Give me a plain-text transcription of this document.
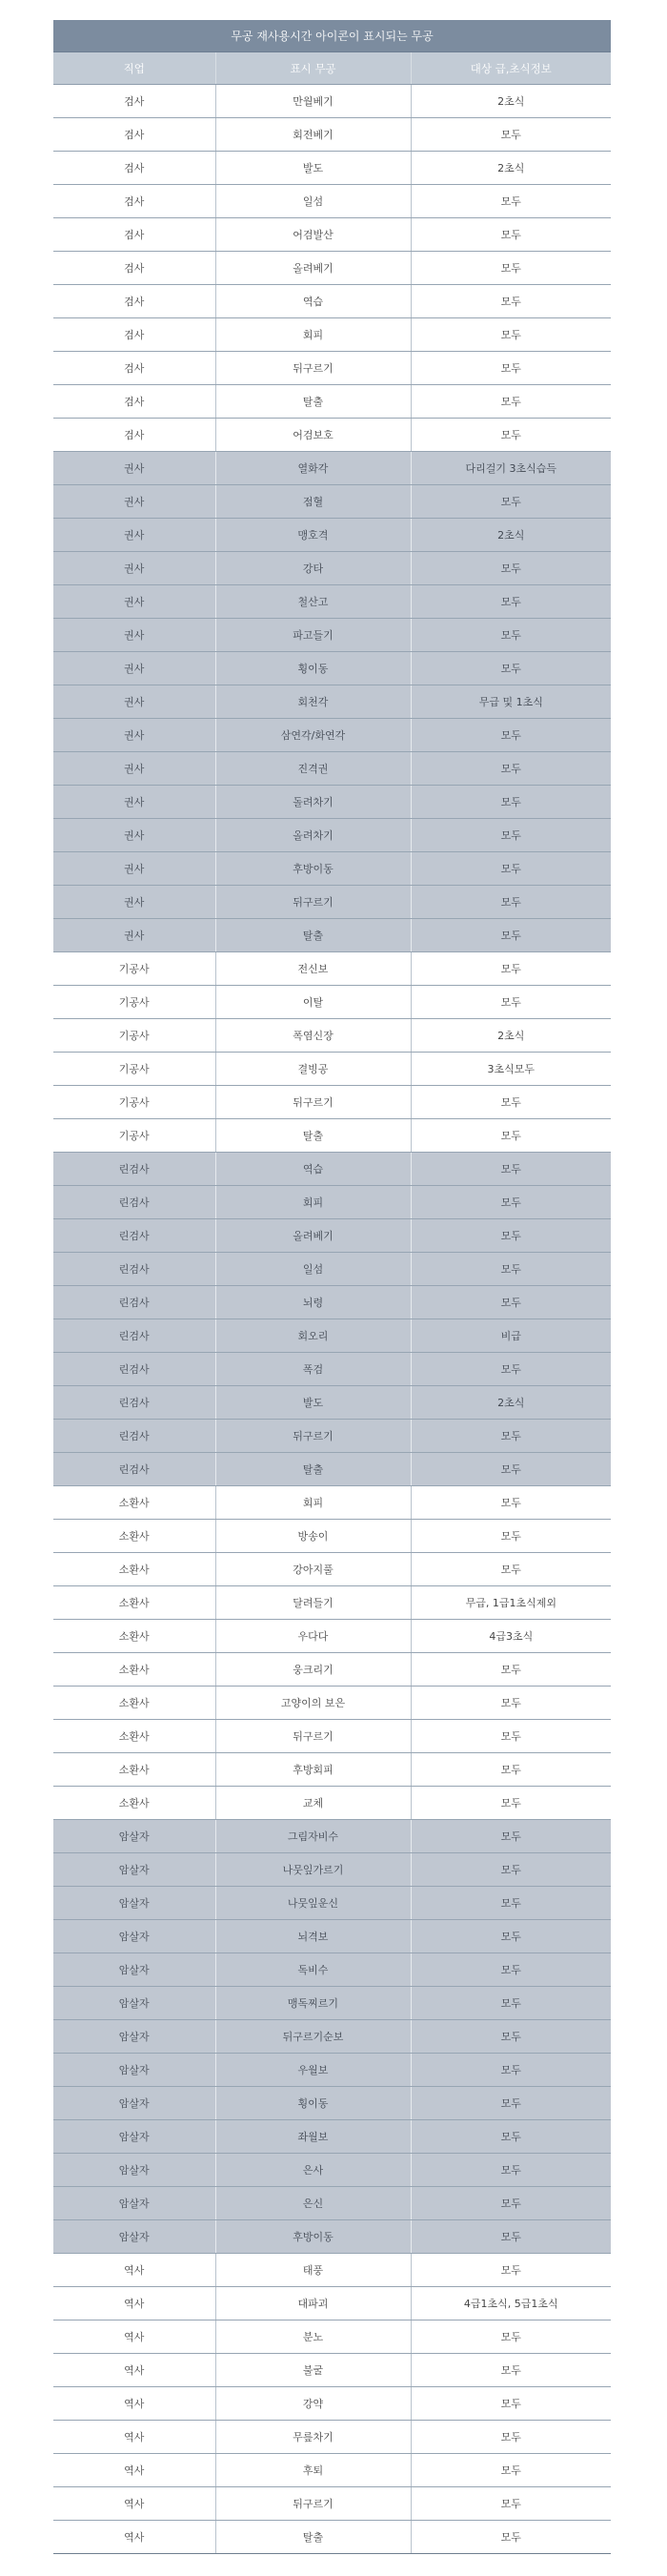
무공 재사용시간 아이콘이 표시되는 무공		
직업	표시 무공	대상 급,초식정보
검사	만월베기	2초식
검사	회전베기	모두
검사	발도	2초식
검사	일섬	모두
검사	어검발산	모두
검사	올려베기	모두
검사	역습	모두
검사	회피	모두
검사	뒤구르기	모두
검사	탈출	모두
검사	어검보호	모두
권사	열화각	다리걸기 3초식습득
권사	점혈	모두
권사	맹호격	2초식
권사	강타	모두
권사	철산고	모두
권사	파고들기	모두
권사	횡이동	모두
권사	회천각	무급 및 1초식
권사	삼연각/화연각	모두
권사	진격권	모두
권사	돌려차기	모두
권사	올려차기	모두
권사	후방이동	모두
권사	뒤구르기	모두
권사	탈출	모두
기공사	전신보	모두
기공사	이탈	모두
기공사	폭염신장	2초식
기공사	결빙공	3초식모두
기공사	뒤구르기	모두
기공사	탈출	모두
린검사	역습	모두
린검사	회피	모두
린검사	올려베기	모두
린검사	일섬	모두
린검사	뇌령	모두
린검사	회오리	비급
린검사	폭검	모두
린검사	발도	2초식
린검사	뒤구르기	모두
린검사	탈출	모두
소환사	회피	모두
소환사	방송이	모두
소환사	강아지풀	모두
소환사	달려들기	무급, 1급1초식제외
소환사	우다다	4급3초식
소환사	웅크리기	모두
소환사	고양이의 보은	모두
소환사	뒤구르기	모두
소환사	후방회피	모두
소환사	교체	모두
암살자	그림자비수	모두
암살자	나뭇잎가르기	모두
암살자	나뭇잎운신	모두
암살자	뇌격보	모두
암살자	독비수	모두
암살자	맹독찌르기	모두
암살자	뒤구르기순보	모두
암살자	우월보	모두
암살자	횡이동	모두
암살자	좌월보	모두
암살자	은사	모두
암살자	은신	모두
암살자	후방이동	모두
역사	태풍	모두
역사	대파괴	4급1초식, 5급1초식
역사	분노	모두
역사	불굴	모두
역사	강약	모두
역사	무릎차기	모두
역사	후퇴	모두
역사	뒤구르기	모두
역사	탈출	모두
